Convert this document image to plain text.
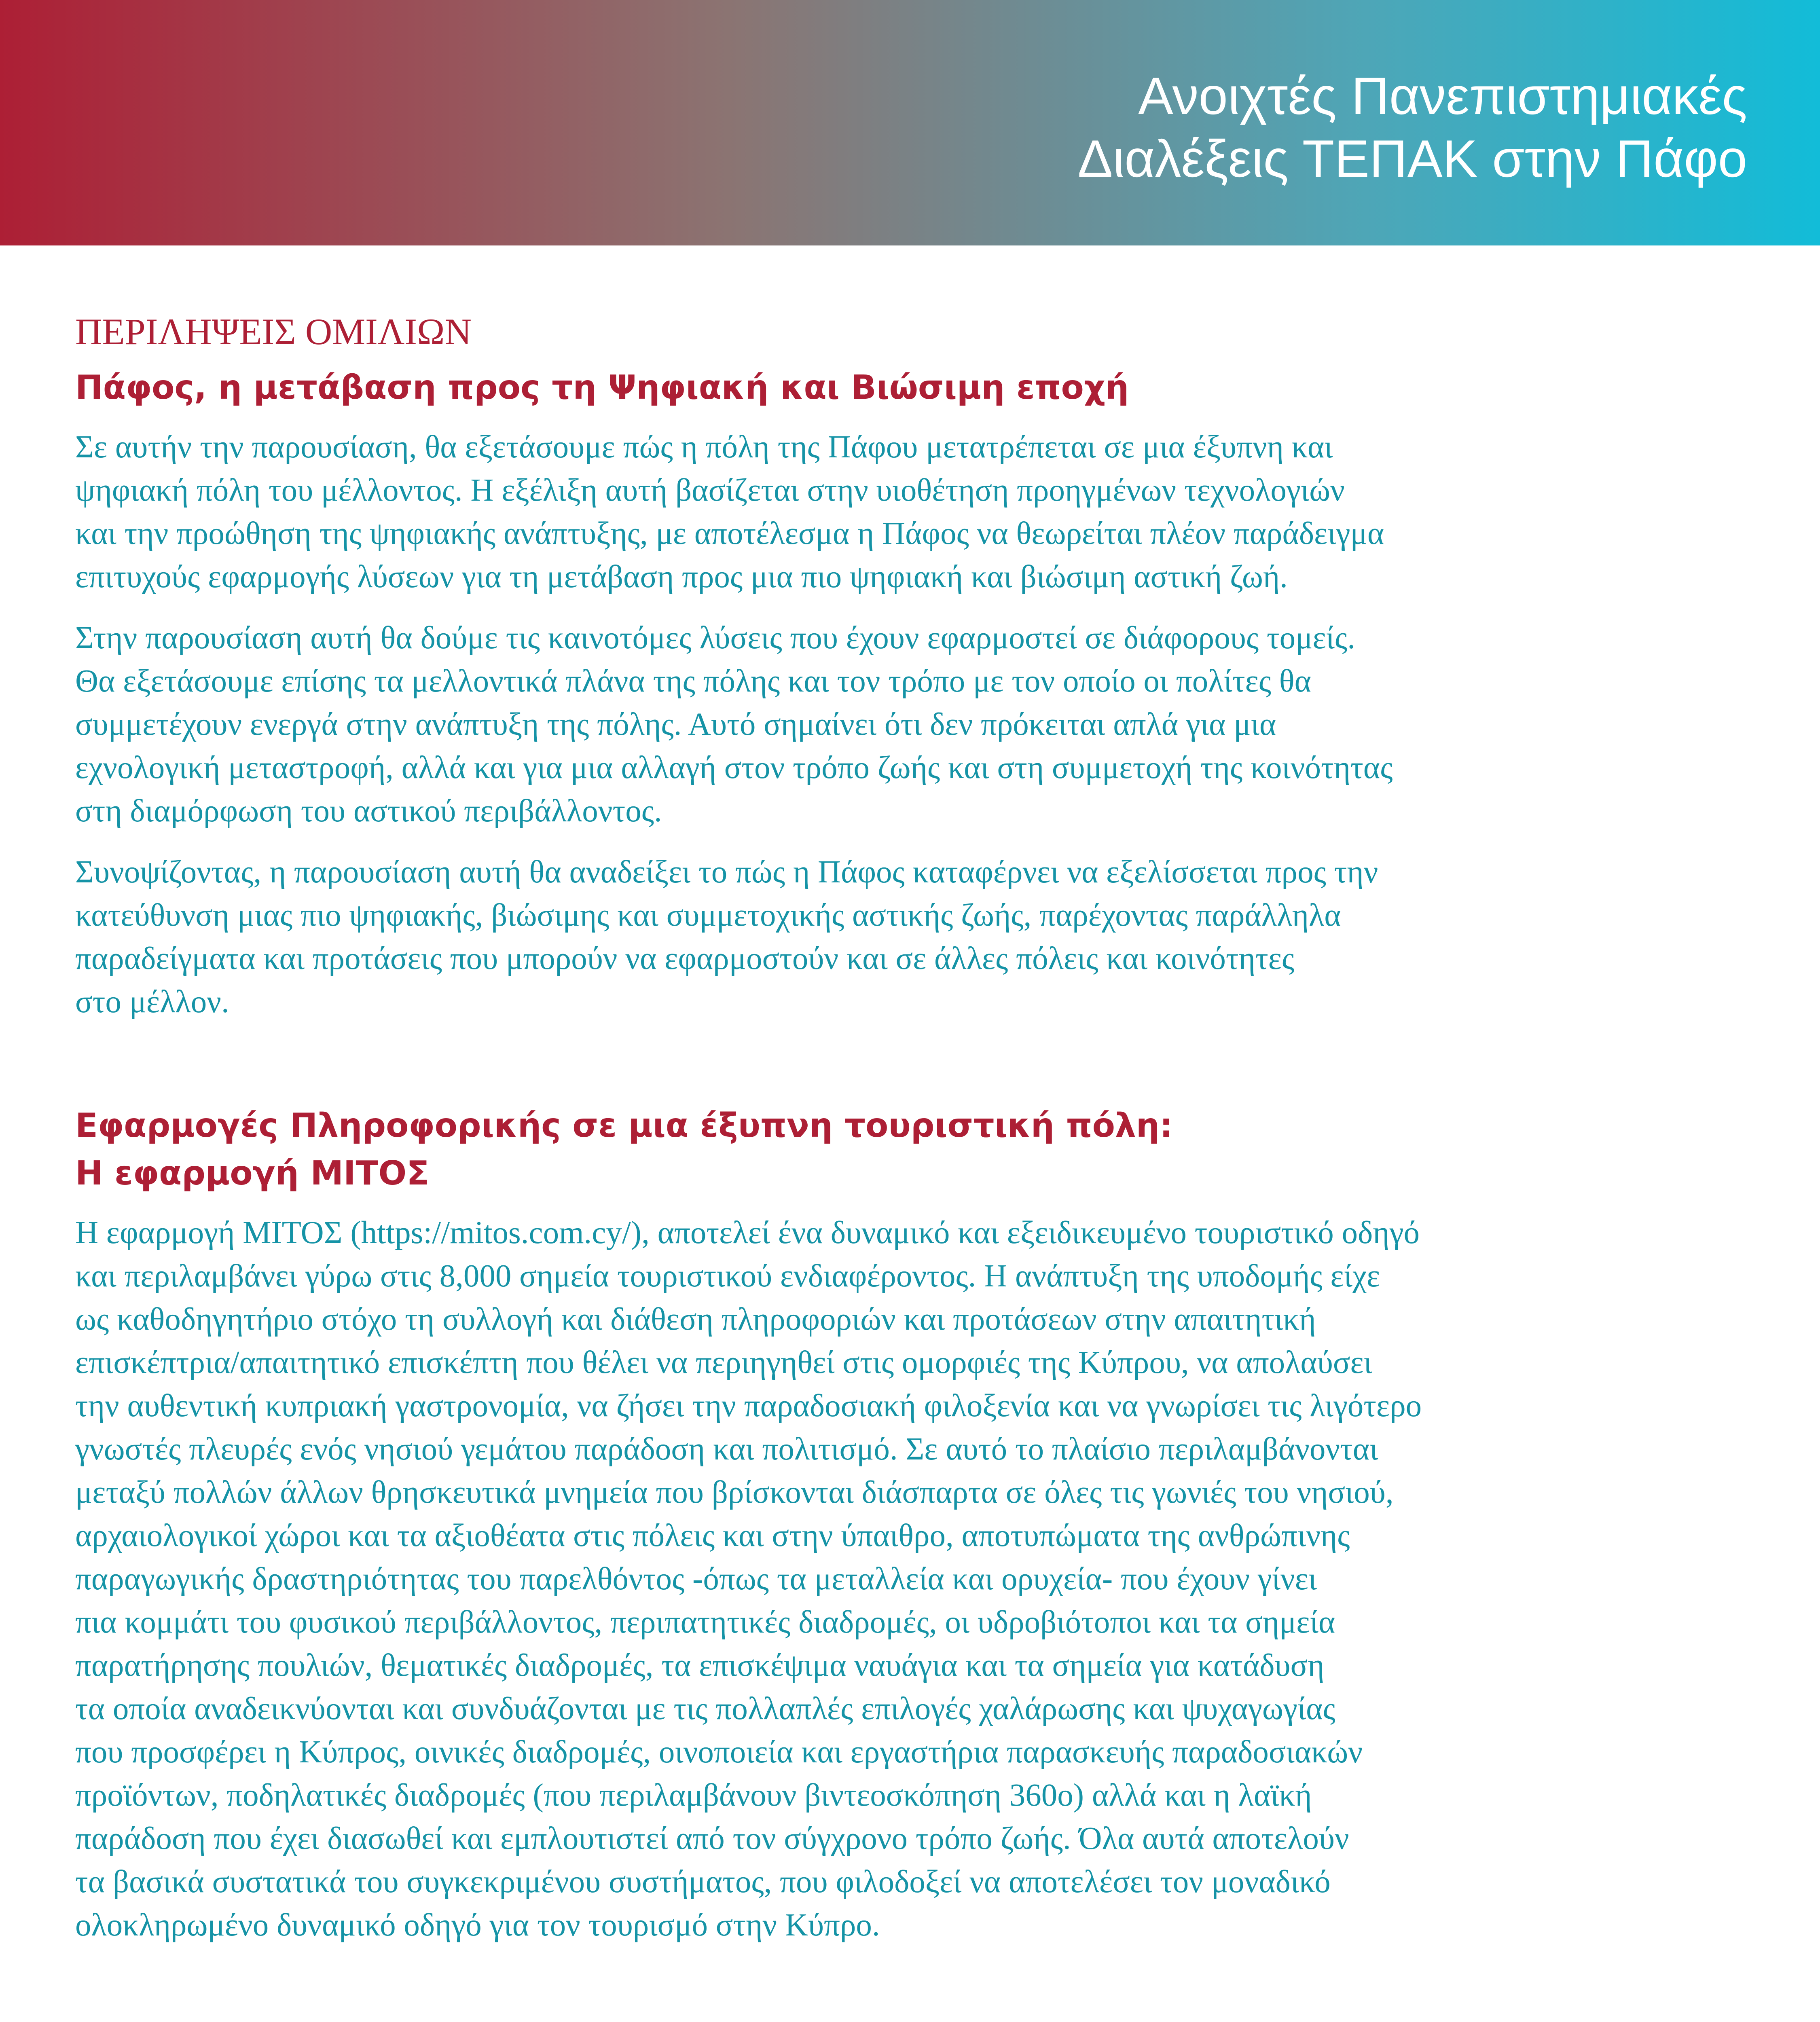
Ανοιχτές Πανεπιστημιακές
Διαλέξεις ΤΕΠΑΚ στην Πάφο
ΠΕΡΙΛΗΨΕΙΣ ΟΜΙΛΙΩΝ
Πάφος, η μετάβαση προς τη Ψηφιακή και Βιώσιμη εποχή
Σε αυτήν την παρουσίαση, θα εξετάσουμε πώς η πόλη της Πάφου μετατρέπεται σε μια έξυπνη και
ψηφιακή πόλη του μέλλοντος. Η εξέλιξη αυτή βασίζεται στην υιοθέτηση προηγμένων τεχνολογιών
και την προώθηση της ψηφιακής ανάπτυξης, με αποτέλεσμα η Πάφος να θεωρείται πλέον παράδειγμα
επιτυχούς εφαρμογής λύσεων για τη μετάβαση προς μια πιο ψηφιακή και βιώσιμη αστική ζωή.
Στην παρουσίαση αυτή θα δούμε τις καινοτόμες λύσεις που έχουν εφαρμοστεί σε διάφορους τομείς.
Θα εξετάσουμε επίσης τα μελλοντικά πλάνα της πόλης και τον τρόπο με τον οποίο οι πολίτες θα
συμμετέχουν ενεργά στην ανάπτυξη της πόλης. Αυτό σημαίνει ότι δεν πρόκειται απλά για μια
εχνολογική μεταστροφή, αλλά και για μια αλλαγή στον τρόπο ζωής και στη συμμετοχή της κοινότητας
στη διαμόρφωση του αστικού περιβάλλοντος.
Συνοψίζοντας, η παρουσίαση αυτή θα αναδείξει το πώς η Πάφος καταφέρνει να εξελίσσεται προς την
κατεύθυνση μιας πιο ψηφιακής, βιώσιμης και συμμετοχικής αστικής ζωής, παρέχοντας παράλληλα
παραδείγματα και προτάσεις που μπορούν να εφαρμοστούν και σε άλλες πόλεις και κοινότητες
στο μέλλον.
Εφαρμογές Πληροφορικής σε μια έξυπνη τουριστική πόλη:
Η εφαρμογή ΜΙΤΟΣ
Η εφαρμογή ΜΙΤΟΣ (https://mitos.com.cy/), αποτελεί ένα δυναμικό και εξειδικευμένο τουριστικό οδηγό
και περιλαμβάνει γύρω στις 8,000 σημεία τουριστικού ενδιαφέροντος. Η ανάπτυξη της υποδομής είχε
ως καθοδηγητήριο στόχο τη συλλογή και διάθεση πληροφοριών και προτάσεων στην απαιτητική
επισκέπτρια/απαιτητικό επισκέπτη που θέλει να περιηγηθεί στις ομορφιές της Κύπρου, να απολαύσει
την αυθεντική κυπριακή γαστρονομία, να ζήσει την παραδοσιακή φιλοξενία και να γνωρίσει τις λιγότερο
γνωστές πλευρές ενός νησιού γεμάτου παράδοση και πολιτισμό. Σε αυτό το πλαίσιο περιλαμβάνονται
μεταξύ πολλών άλλων θρησκευτικά μνημεία που βρίσκονται διάσπαρτα σε όλες τις γωνιές του νησιού,
αρχαιολογικοί χώροι και τα αξιοθέατα στις πόλεις και στην ύπαιθρο, αποτυπώματα της ανθρώπινης
παραγωγικής δραστηριότητας του παρελθόντος -όπως τα μεταλλεία και ορυχεία- που έχουν γίνει
πια κομμάτι του φυσικού περιβάλλοντος, περιπατητικές διαδρομές, οι υδροβιότοποι και τα σημεία
παρατήρησης πουλιών, θεματικές διαδρομές, τα επισκέψιμα ναυάγια και τα σημεία για κατάδυση
τα οποία αναδεικνύονται και συνδυάζονται με τις πολλαπλές επιλογές χαλάρωσης και ψυχαγωγίας
που προσφέρει η Κύπρος, οινικές διαδρομές, οινοποιεία και εργαστήρια παρασκευής παραδοσιακών
προϊόντων, ποδηλατικές διαδρομές (που περιλαμβάνουν βιντεοσκόπηση 360ο) αλλά και η λαϊκή
παράδοση που έχει διασωθεί και εμπλουτιστεί από τον σύγχρονο τρόπο ζωής. Όλα αυτά αποτελούν
τα βασικά συστατικά του συγκεκριμένου συστήματος, που φιλοδοξεί να αποτελέσει τον μοναδικό
ολοκληρωμένο δυναμικό οδηγό για τον τουρισμό στην Κύπρο.
